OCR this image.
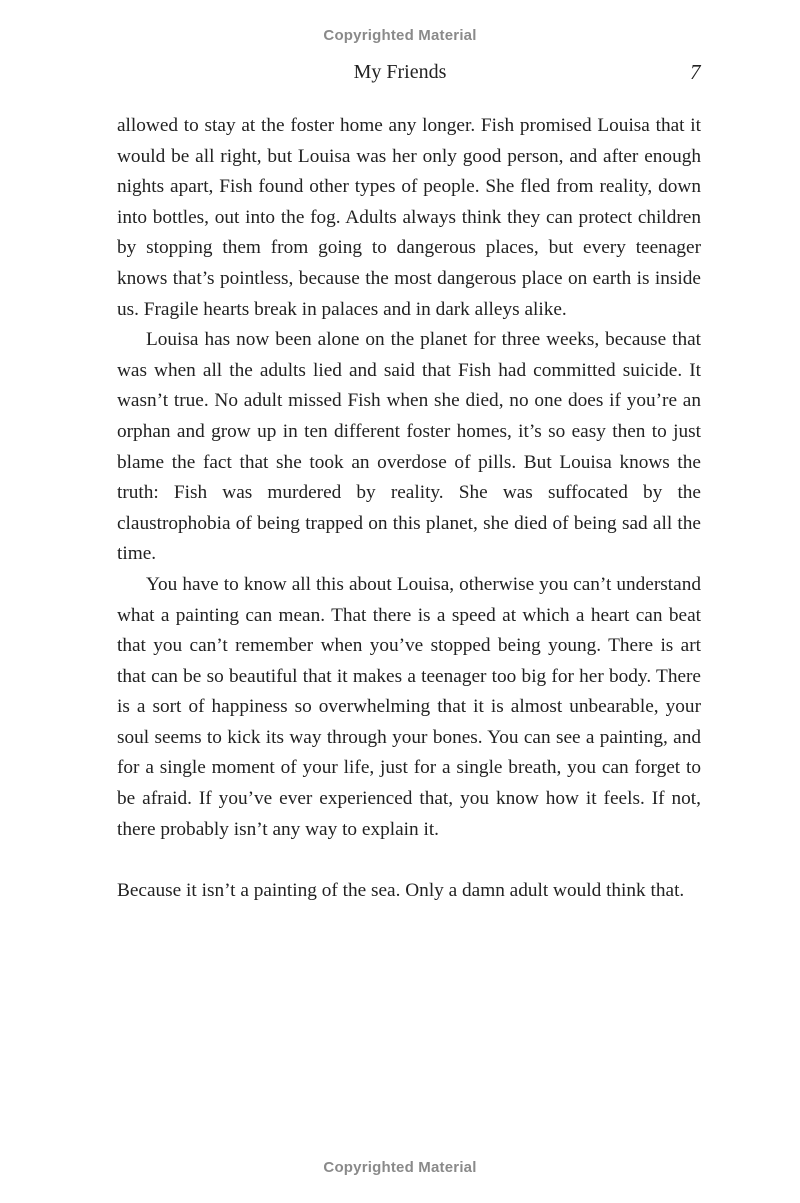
Copyrighted Material
My Friends	7

allowed to stay at the foster home any longer. Fish promised Louisa that it would be all right, but Louisa was her only good person, and after enough nights apart, Fish found other types of people. She fled from reality, down into bottles, out into the fog. Adults always think they can protect children by stopping them from going to dangerous places, but every teenager knows that’s pointless, because the most dangerous place on earth is inside us. Fragile hearts break in palaces and in dark alleys alike.

Louisa has now been alone on the planet for three weeks, because that was when all the adults lied and said that Fish had committed suicide. It wasn’t true. No adult missed Fish when she died, no one does if you’re an orphan and grow up in ten different foster homes, it’s so easy then to just blame the fact that she took an overdose of pills. But Louisa knows the truth: Fish was murdered by reality. She was suffocated by the claustrophobia of being trapped on this planet, she died of being sad all the time.

You have to know all this about Louisa, otherwise you can’t understand what a painting can mean. That there is a speed at which a heart can beat that you can’t remember when you’ve stopped being young. There is art that can be so beautiful that it makes a teenager too big for her body. There is a sort of happiness so overwhelming that it is almost unbearable, your soul seems to kick its way through your bones. You can see a painting, and for a single moment of your life, just for a single breath, you can forget to be afraid. If you’ve ever experienced that, you know how it feels. If not, there probably isn’t any way to explain it.

Because it isn’t a painting of the sea. Only a damn adult would think that.

Copyrighted Material
